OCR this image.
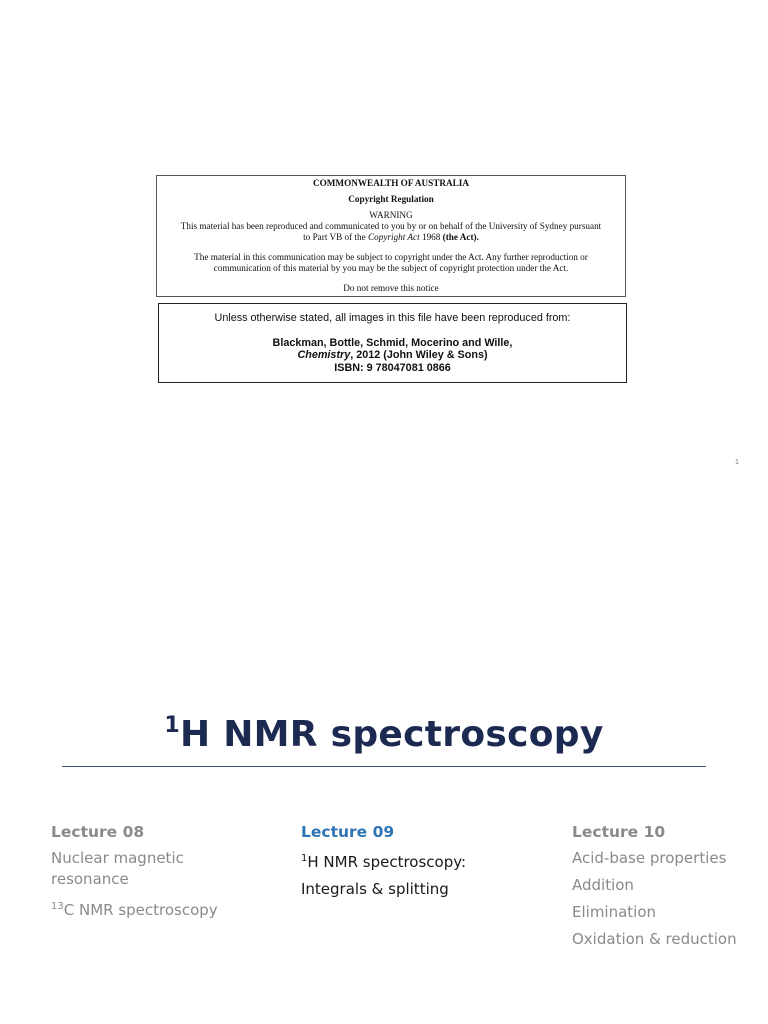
COMMONWEALTH OF AUSTRALIA

Copyright Regulation

WARNING

This material has been reproduced and communicated to you by or on behalf of the University of Sydney pursuant

to Part VB of the Copyright Act 1968 (the Act).

The material in this communication may be subject to copyright under the Act. Any further reproduction or

communication of this material by you may be the subject of copyright protection under the Act.

Do not remove this notice

Unless otherwise stated, all images in this file have been reproduced from:

Blackman, Bottle, Schmid, Mocerino and Wille,

Chemistry, 2012 (John Wiley & Sons)

ISBN: 9 78047081 0866

1
$^1$H NMR spectroscopy
Lecture 08
Nuclear magnetic resonance
$^{13}$C NMR spectroscopy
Lecture 09
$^1$H NMR spectroscopy:
Integrals & splitting
Lecture 10
Acid-base properties
Addition
Elimination
Oxidation & reduction
